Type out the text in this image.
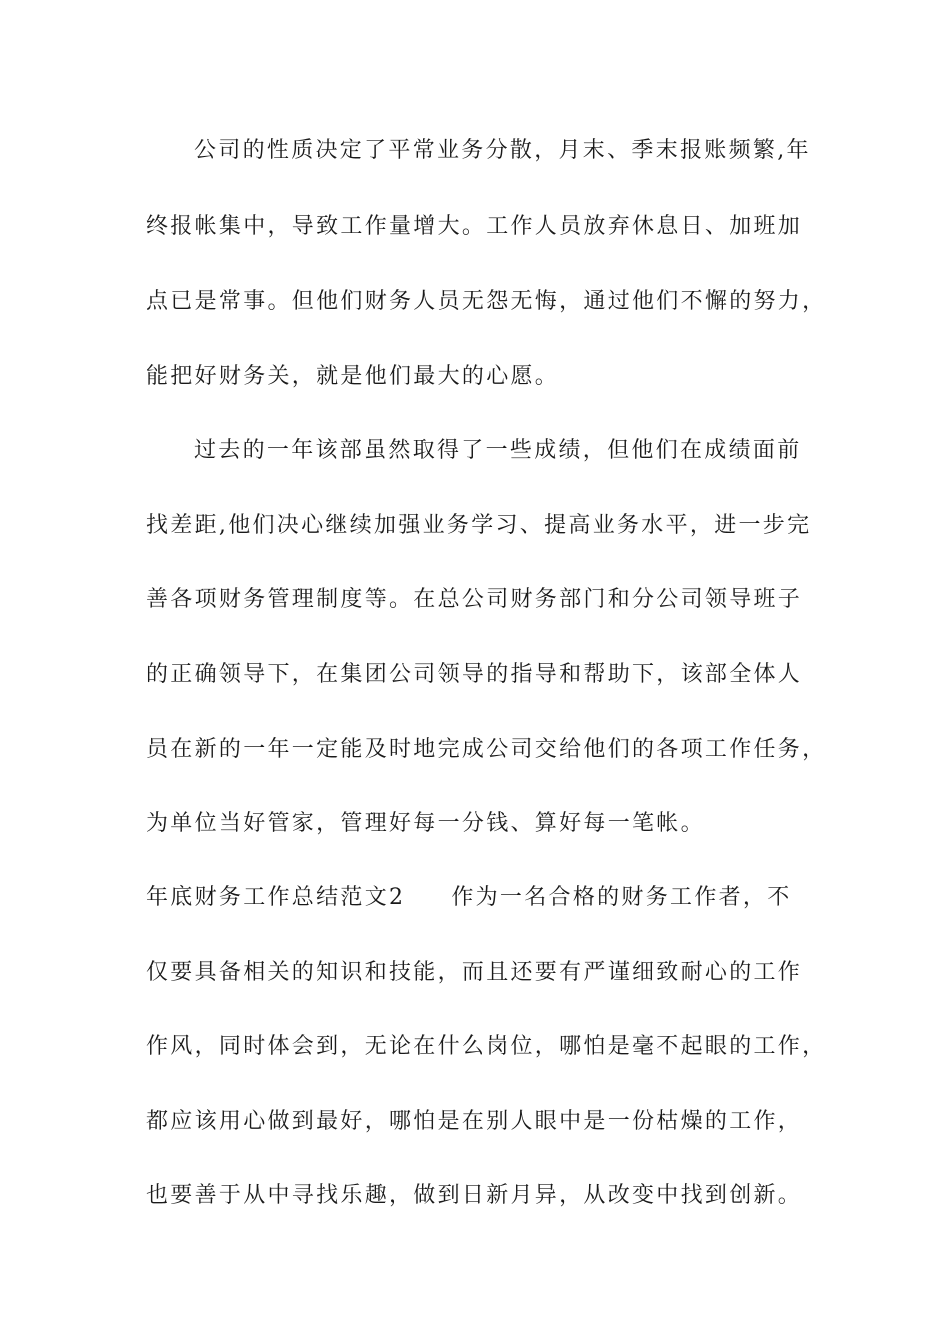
公司的性质决定了平常业务分散，月末、季末报账频繁,年
终报帐集中，导致工作量增大。工作人员放弃休息日、加班加
点已是常事。但他们财务人员无怨无悔，通过他们不懈的努力，
能把好财务关，就是他们最大的心愿。
过去的一年该部虽然取得了一些成绩，但他们在成绩面前
找差距,他们决心继续加强业务学习、提高业务水平，进一步完
善各项财务管理制度等。在总公司财务部门和分公司领导班子
的正确领导下，在集团公司领导的指导和帮助下，该部全体人
员在新的一年一定能及时地完成公司交给他们的各项工作任务，
为单位当好管家，管理好每一分钱、算好每一笔帐。
年底财务工作总结范文2 作为一名合格的财务工作者，不
仅要具备相关的知识和技能，而且还要有严谨细致耐心的工作
作风，同时体会到，无论在什么岗位，哪怕是毫不起眼的工作，
都应该用心做到最好，哪怕是在别人眼中是一份枯燥的工作，
也要善于从中寻找乐趣，做到日新月异，从改变中找到创新。
